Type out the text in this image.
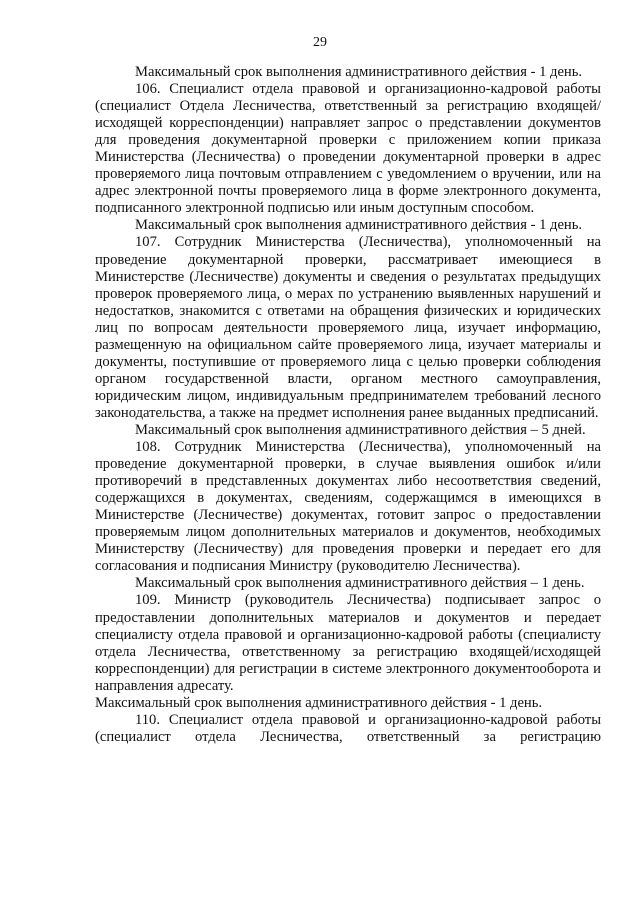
29

Максимальный срок выполнения административного действия - 1 день.

106. Специалист отдела правовой и организационно-кадровой работы (специалист Отдела Лесничества, ответственный за регистрацию входящей/исходящей корреспонденции) направляет запрос о представлении документов для проведения документарной проверки с приложением копии приказа Министерства (Лесничества) о проведении документарной проверки в адрес проверяемого лица почтовым отправлением с уведомлением о вручении, или на адрес электронной почты проверяемого лица в форме электронного документа, подписанного электронной подписью или иным доступным способом.

Максимальный срок выполнения административного действия - 1 день.

107. Сотрудник Министерства (Лесничества), уполномоченный на проведение документарной проверки, рассматривает имеющиеся в Министерстве (Лесничестве) документы и сведения о результатах предыдущих проверок проверяемого лица, о мерах по устранению выявленных нарушений и недостатков, знакомится с ответами на обращения физических и юридических лиц по вопросам деятельности проверяемого лица, изучает информацию, размещенную на официальном сайте проверяемого лица, изучает материалы и документы, поступившие от проверяемого лица с целью проверки соблюдения органом государственной власти, органом местного самоуправления, юридическим лицом, индивидуальным предпринимателем требований лесного законодательства, а также на предмет исполнения ранее выданных предписаний.

Максимальный срок выполнения административного действия – 5 дней.

108. Сотрудник Министерства (Лесничества), уполномоченный на проведение документарной проверки, в случае выявления ошибок и/или противоречий в представленных документах либо несоответствия сведений, содержащихся в документах, сведениям, содержащимся в имеющихся в Министерстве (Лесничестве) документах, готовит запрос о предоставлении проверяемым лицом дополнительных материалов и документов, необходимых Министерству (Лесничеству) для проведения проверки и передает его для согласования и подписания Министру (руководителю Лесничества).

Максимальный срок выполнения административного действия – 1 день.

109. Министр (руководитель Лесничества) подписывает запрос о предоставлении дополнительных материалов и документов и передает специалисту отдела правовой и организационно-кадровой работы (специалисту отдела Лесничества, ответственному за регистрацию входящей/исходящей корреспонденции) для регистрации в системе электронного документооборота и направления адресату.

Максимальный срок выполнения административного действия - 1 день.

110. Специалист отдела правовой и организационно-кадровой работы (специалист отдела Лесничества, ответственный за регистрацию
